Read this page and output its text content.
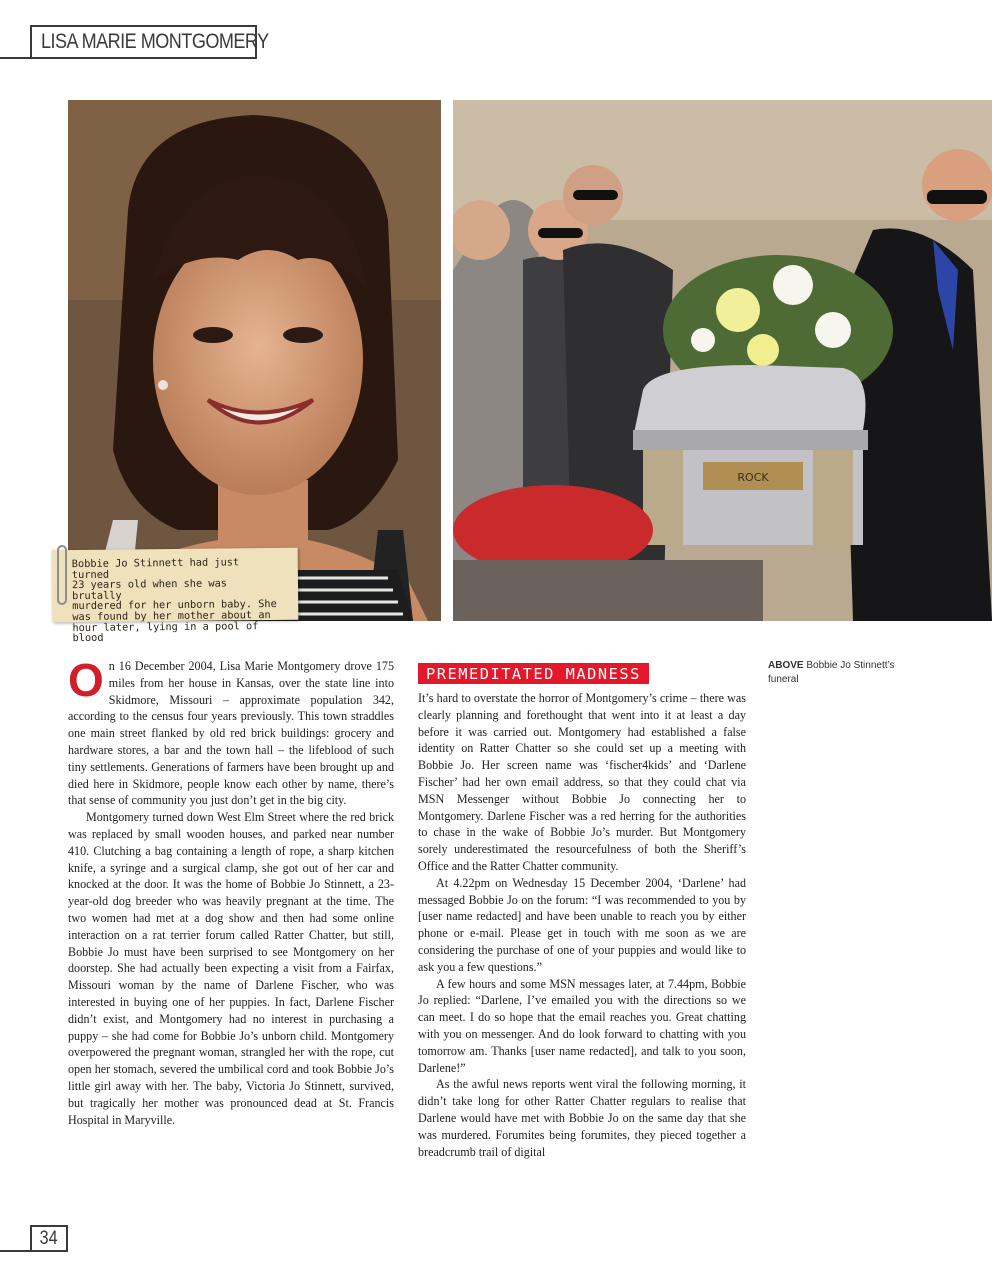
LISA MARIE MONTGOMERY
ROCK
Bobbie Jo Stinnett had just turned
23 years old when she was brutally
murdered for her unborn baby. She
was found by her mother about an
hour later, lying in a pool of blood

On 16 December 2004, Lisa Marie Montgomery drove 175 miles from her house in Kansas, over the state line into Skidmore, Missouri – approximate population 342, according to the census four years previously. This town straddles one main street flanked by old red brick buildings: grocery and hardware stores, a bar and the town hall – the lifeblood of such tiny settlements. Generations of farmers have been brought up and died here in Skidmore, people know each other by name, there’s that sense of community you just don’t get in the big city.

Montgomery turned down West Elm Street where the red brick was replaced by small wooden houses, and parked near number 410. Clutching a bag containing a length of rope, a sharp kitchen knife, a syringe and a surgical clamp, she got out of her car and knocked at the door. It was the home of Bobbie Jo Stinnett, a 23-year-old dog breeder who was heavily pregnant at the time. The two women had met at a dog show and then had some online interaction on a rat terrier forum called Ratter Chatter, but still, Bobbie Jo must have been surprised to see Montgomery on her doorstep. She had actually been expecting a visit from a Fairfax, Missouri woman by the name of Darlene Fischer, who was interested in buying one of her puppies. In fact, Darlene Fischer didn’t exist, and Montgomery had no interest in purchasing a puppy – she had come for Bobbie Jo’s unborn child. Montgomery overpowered the pregnant woman, strangled her with the rope, cut open her stomach, severed the umbilical cord and took Bobbie Jo’s little girl away with her. The baby, Victoria Jo Stinnett, survived, but tragically her mother was pronounced dead at St. Francis Hospital in Maryville.

PREMEDITATED MADNESS

It’s hard to overstate the horror of Montgomery’s crime – there was clearly planning and forethought that went into it at least a day before it was carried out. Montgomery had established a false identity on Ratter Chatter so she could set up a meeting with Bobbie Jo. Her screen name was ‘fischer4kids’ and ‘Darlene Fischer’ had her own email address, so that they could chat via MSN Messenger without Bobbie Jo connecting her to Montgomery. Darlene Fischer was a red herring for the authorities to chase in the wake of Bobbie Jo’s murder. But Montgomery sorely underestimated the resourcefulness of both the Sheriff’s Office and the Ratter Chatter community.

At 4.22pm on Wednesday 15 December 2004, ‘Darlene’ had messaged Bobbie Jo on the forum: “I was recommended to you by [user name redacted] and have been unable to reach you by either phone or e-mail. Please get in touch with me soon as we are considering the purchase of one of your puppies and would like to ask you a few questions.”

A few hours and some MSN messages later, at 7.44pm, Bobbie Jo replied: “Darlene, I’ve emailed you with the directions so we can meet. I do so hope that the email reaches you. Great chatting with you on messenger. And do look forward to chatting with you tomorrow am. Thanks [user name redacted], and talk to you soon, Darlene!”

As the awful news reports went viral the following morning, it didn’t take long for other Ratter Chatter regulars to realise that Darlene would have met with Bobbie Jo on the same day that she was murdered. Forumites being forumites, they pieced together a breadcrumb trail of digital

ABOVE Bobbie Jo Stinnett’s funeral
34
